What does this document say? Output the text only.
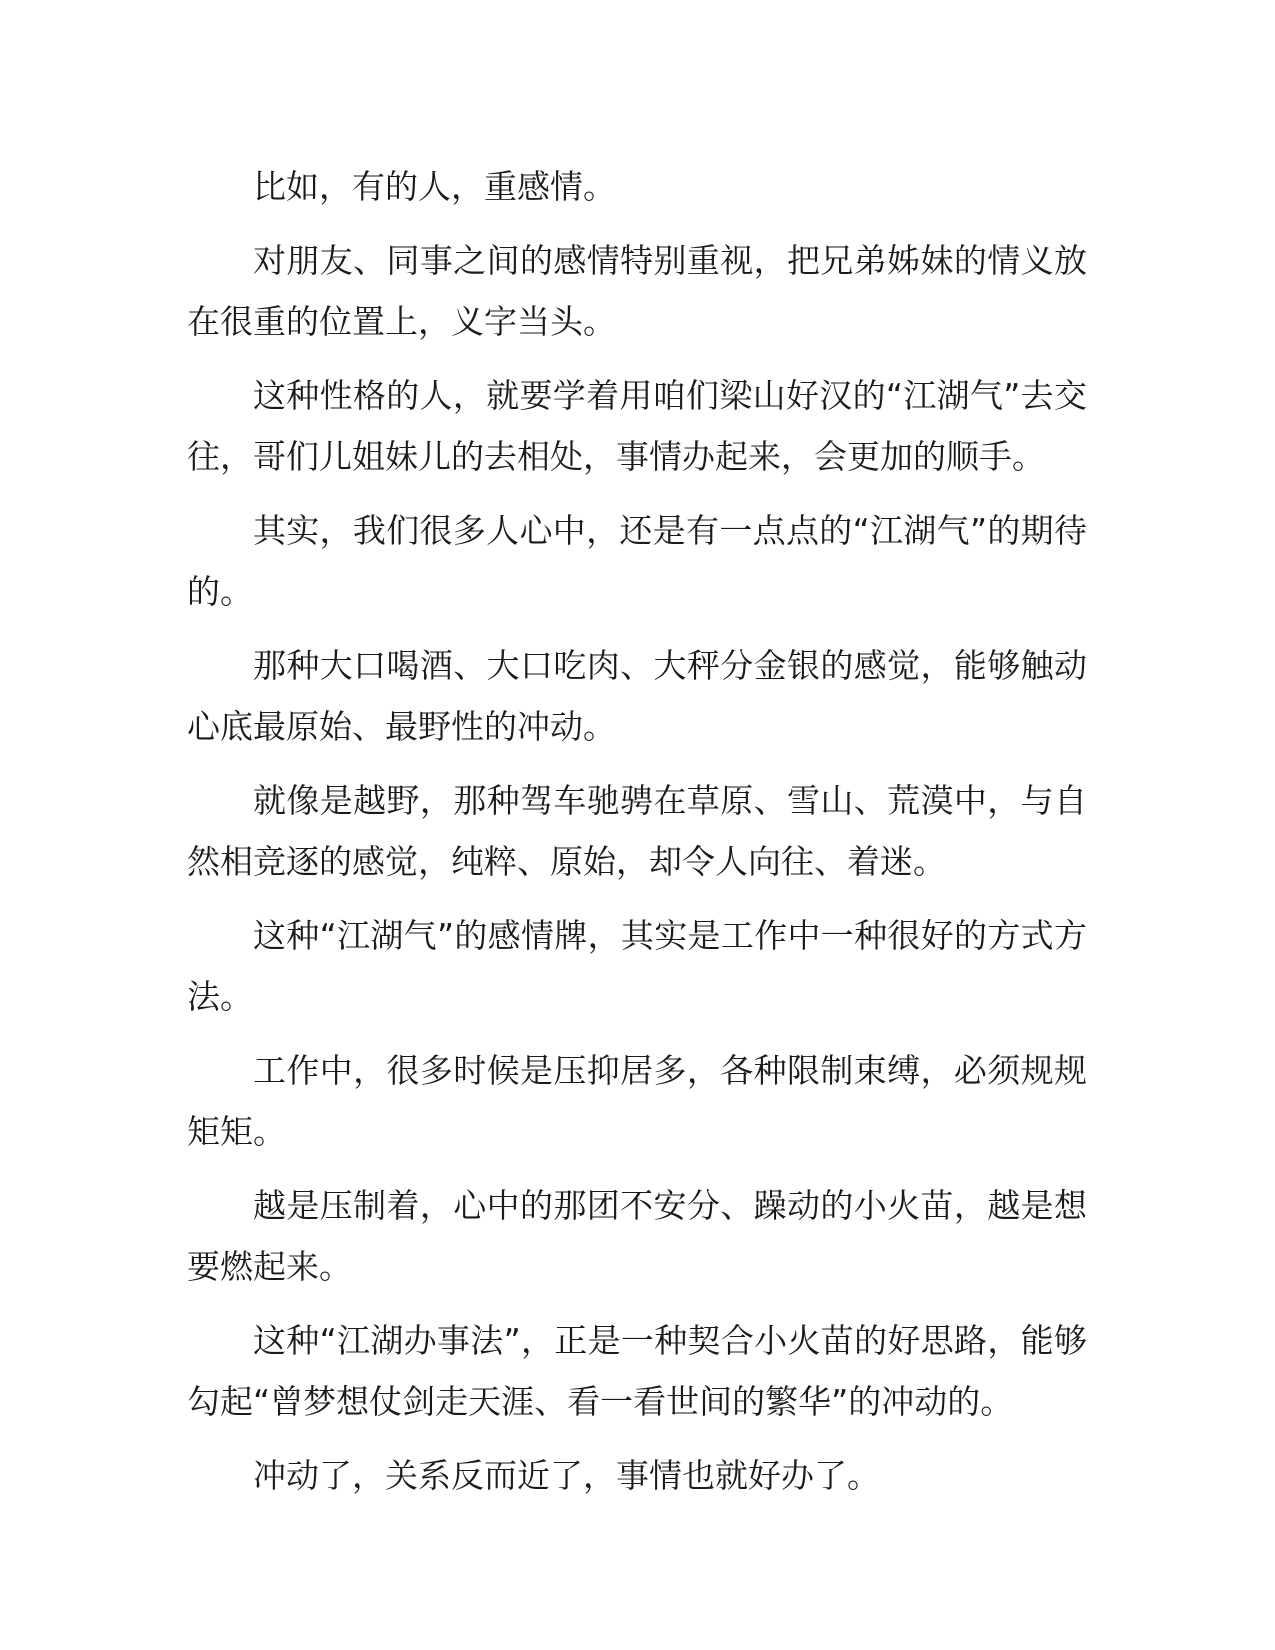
比如，有的人，重感情。

对朋友、同事之间的感情特别重视，把兄弟姊妹的情义放在很重的位置上，义字当头。

这种性格的人，就要学着用咱们梁山好汉的“江湖气”去交往，哥们儿姐妹儿的去相处，事情办起来，会更加的顺手。

其实，我们很多人心中，还是有一点点的“江湖气”的期待的。

那种大口喝酒、大口吃肉、大秤分金银的感觉，能够触动心底最原始、最野性的冲动。

就像是越野，那种驾车驰骋在草原、雪山、荒漠中，与自然相竞逐的感觉，纯粹、原始，却令人向往、着迷。

这种“江湖气”的感情牌，其实是工作中一种很好的方式方法。

工作中，很多时候是压抑居多，各种限制束缚，必须规规矩矩。

越是压制着，心中的那团不安分、躁动的小火苗，越是想要燃起来。

这种“江湖办事法”，正是一种契合小火苗的好思路，能够勾起“曾梦想仗剑走天涯、看一看世间的繁华”的冲动的。

冲动了，关系反而近了，事情也就好办了。
